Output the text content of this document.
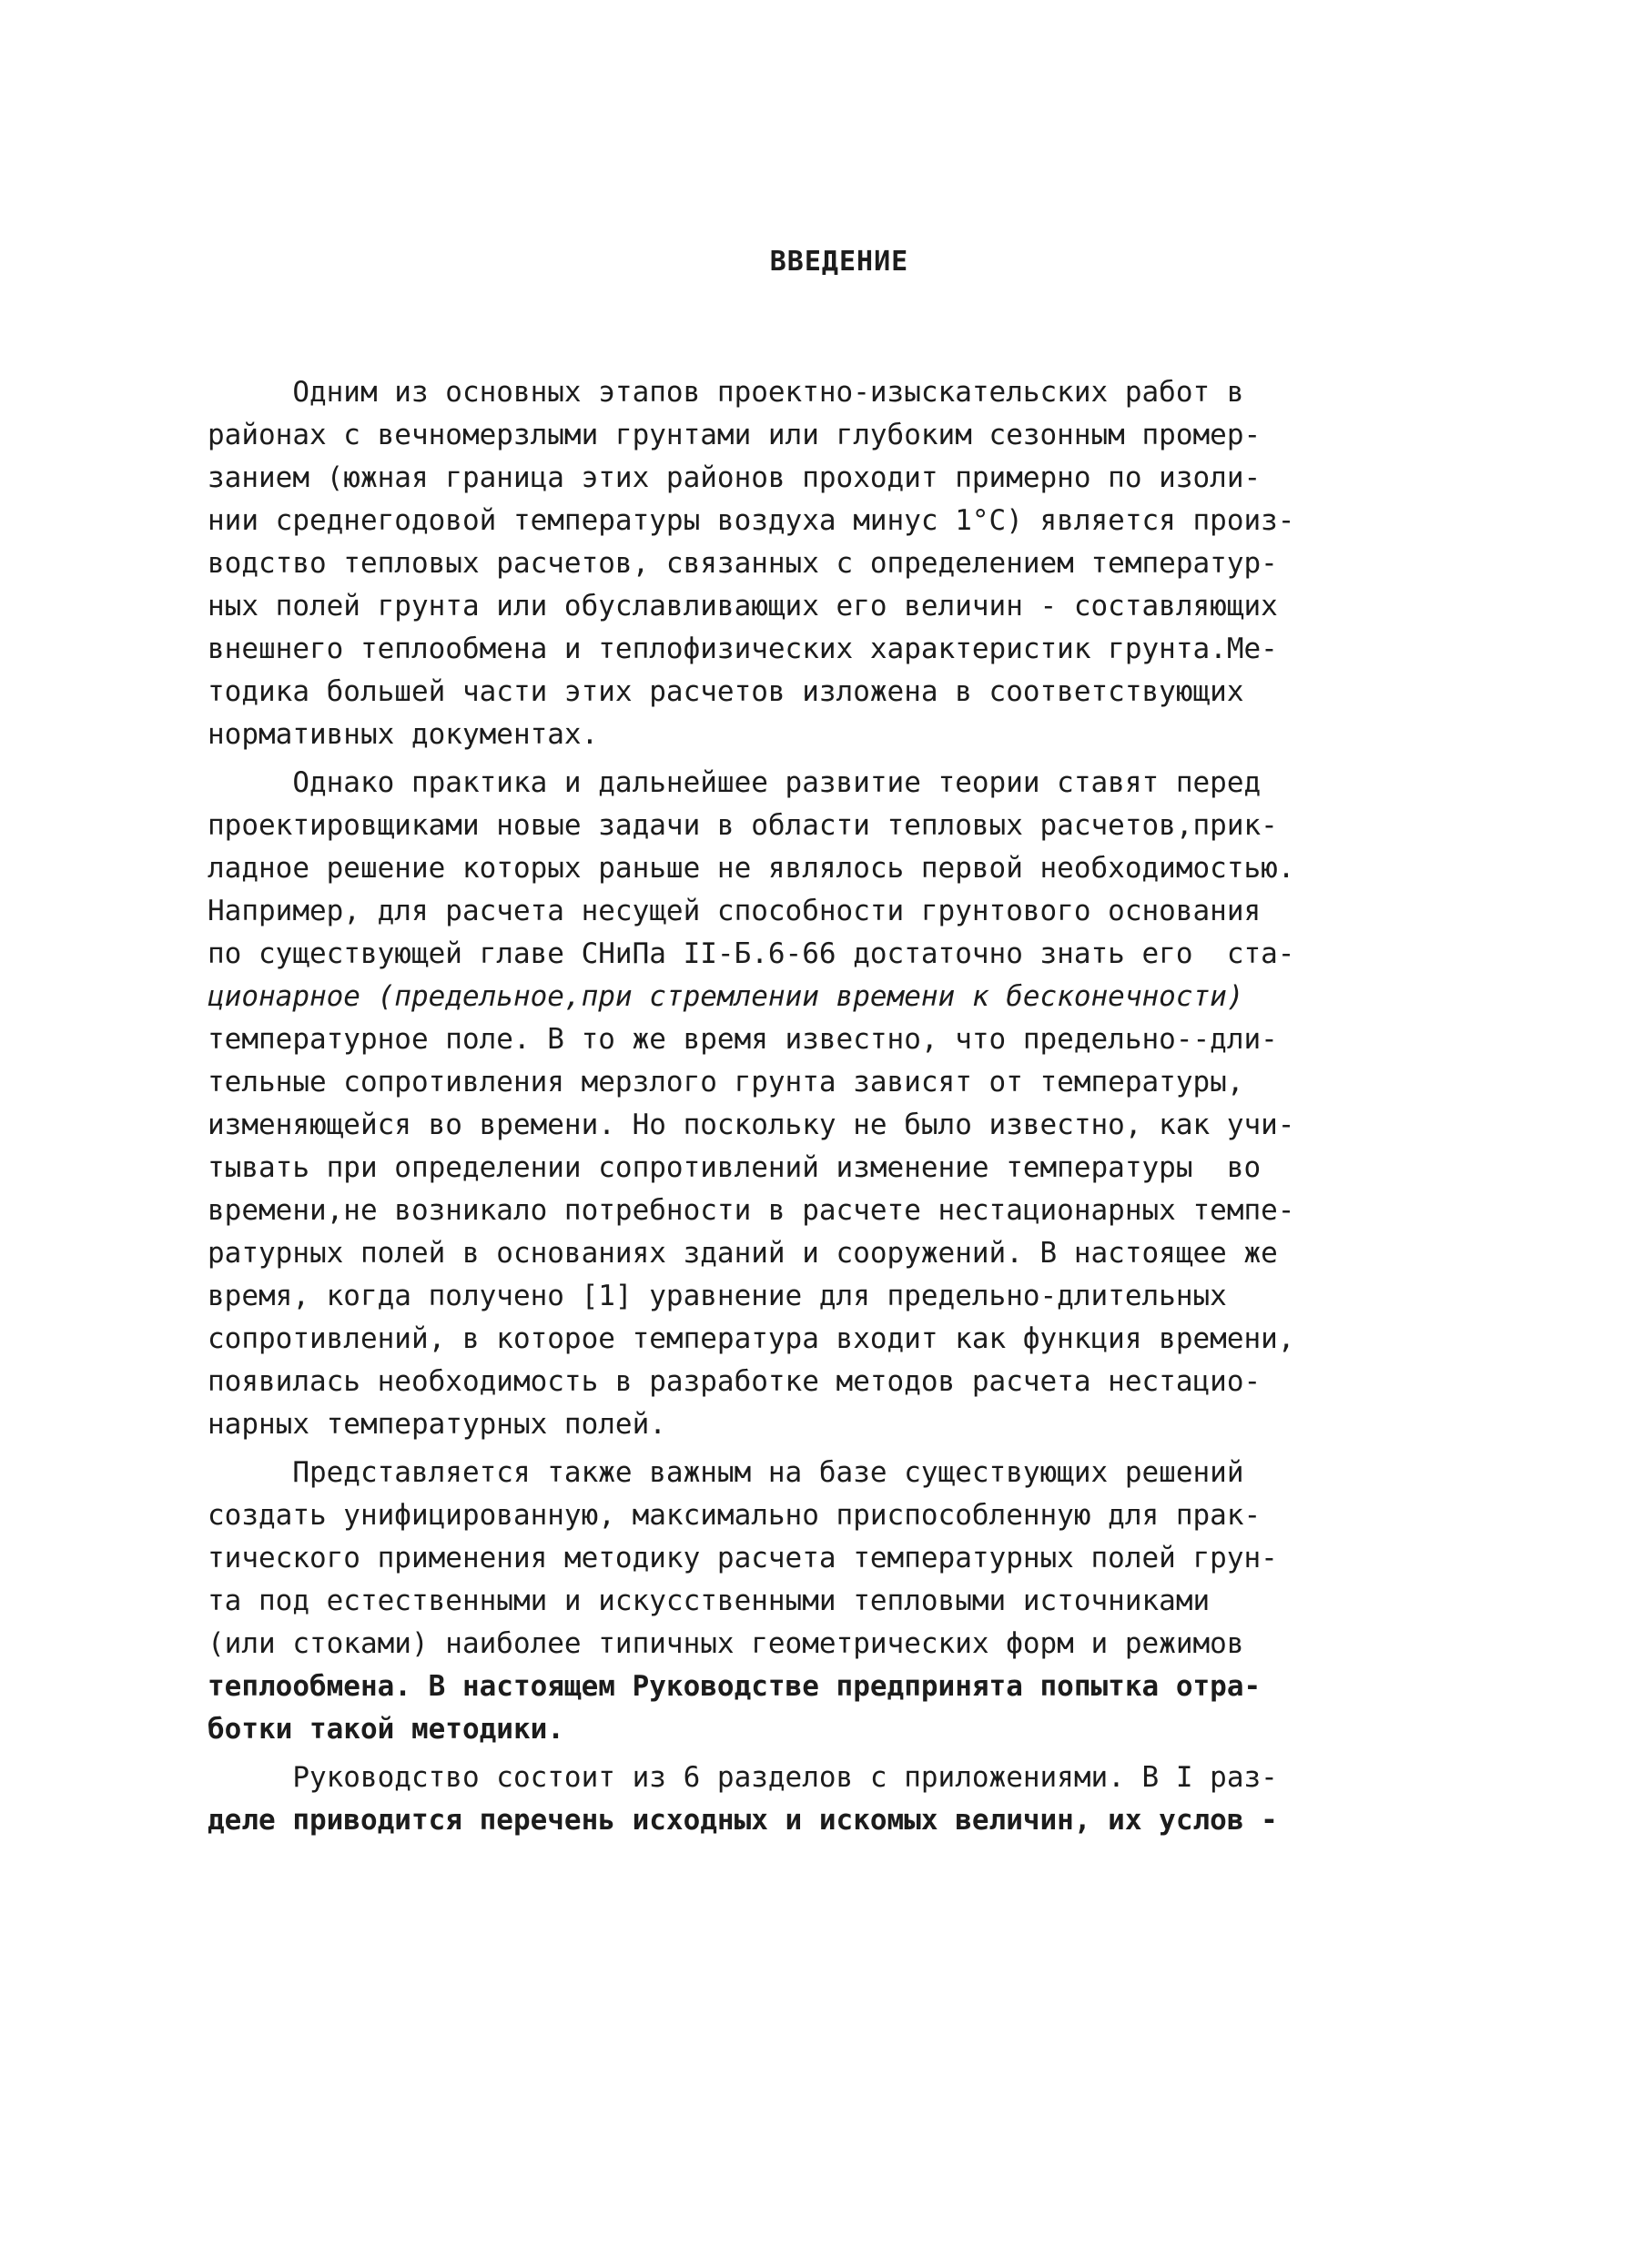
ВВЕДЕНИЕ
Одним из основных этапов проектно-изыскательских работ в
районах с вечномерзлыми грунтами или глубоким сезонным промер-
занием (южная граница этих районов проходит примерно по изоли-
нии среднегодовой температуры воздуха минус 1°С) является произ-
водство тепловых расчетов, связанных с определением температур-
ных полей грунта или обуславливающих его величин - составляющих
внешнего теплообмена и теплофизических характеристик грунта.Ме-
тодика большей части этих расчетов изложена в соответствующих
нормативных документах.
Однако практика и дальнейшее развитие теории ставят перед
проектировщиками новые задачи в области тепловых расчетов,прик-
ладное решение которых раньше не являлось первой необходимостью.
Например, для расчета несущей способности грунтового основания
по существующей главе СНиПа II-Б.6-66 достаточно знать его  ста-
ционарное (предельное,при стремлении времени к бесконечности)
температурное поле. В то же время известно, что предельно--дли-
тельные сопротивления мерзлого грунта зависят от температуры,
изменяющейся во времени. Но поскольку не было известно, как учи-
тывать при определении сопротивлений изменение температуры  во
времени,не возникало потребности в расчете нестационарных темпе-
ратурных полей в основаниях зданий и сооружений. В настоящее же
время, когда получено [1] уравнение для предельно-длительных
сопротивлений, в которое температура входит как функция времени,
появилась необходимость в разработке методов расчета нестацио-
нарных температурных полей.
Представляется также важным на базе существующих решений
создать унифицированную, максимально приспособленную для прак-
тического применения методику расчета температурных полей грун-
та под естественными и искусственными тепловыми источниками
(или стоками) наиболее типичных геометрических форм и режимов
теплообмена. В настоящем Руководстве предпринята попытка отра-
ботки такой методики.
Руководство состоит из 6 разделов с приложениями. В I раз-
деле приводится перечень исходных и искомых величин, их услов -
